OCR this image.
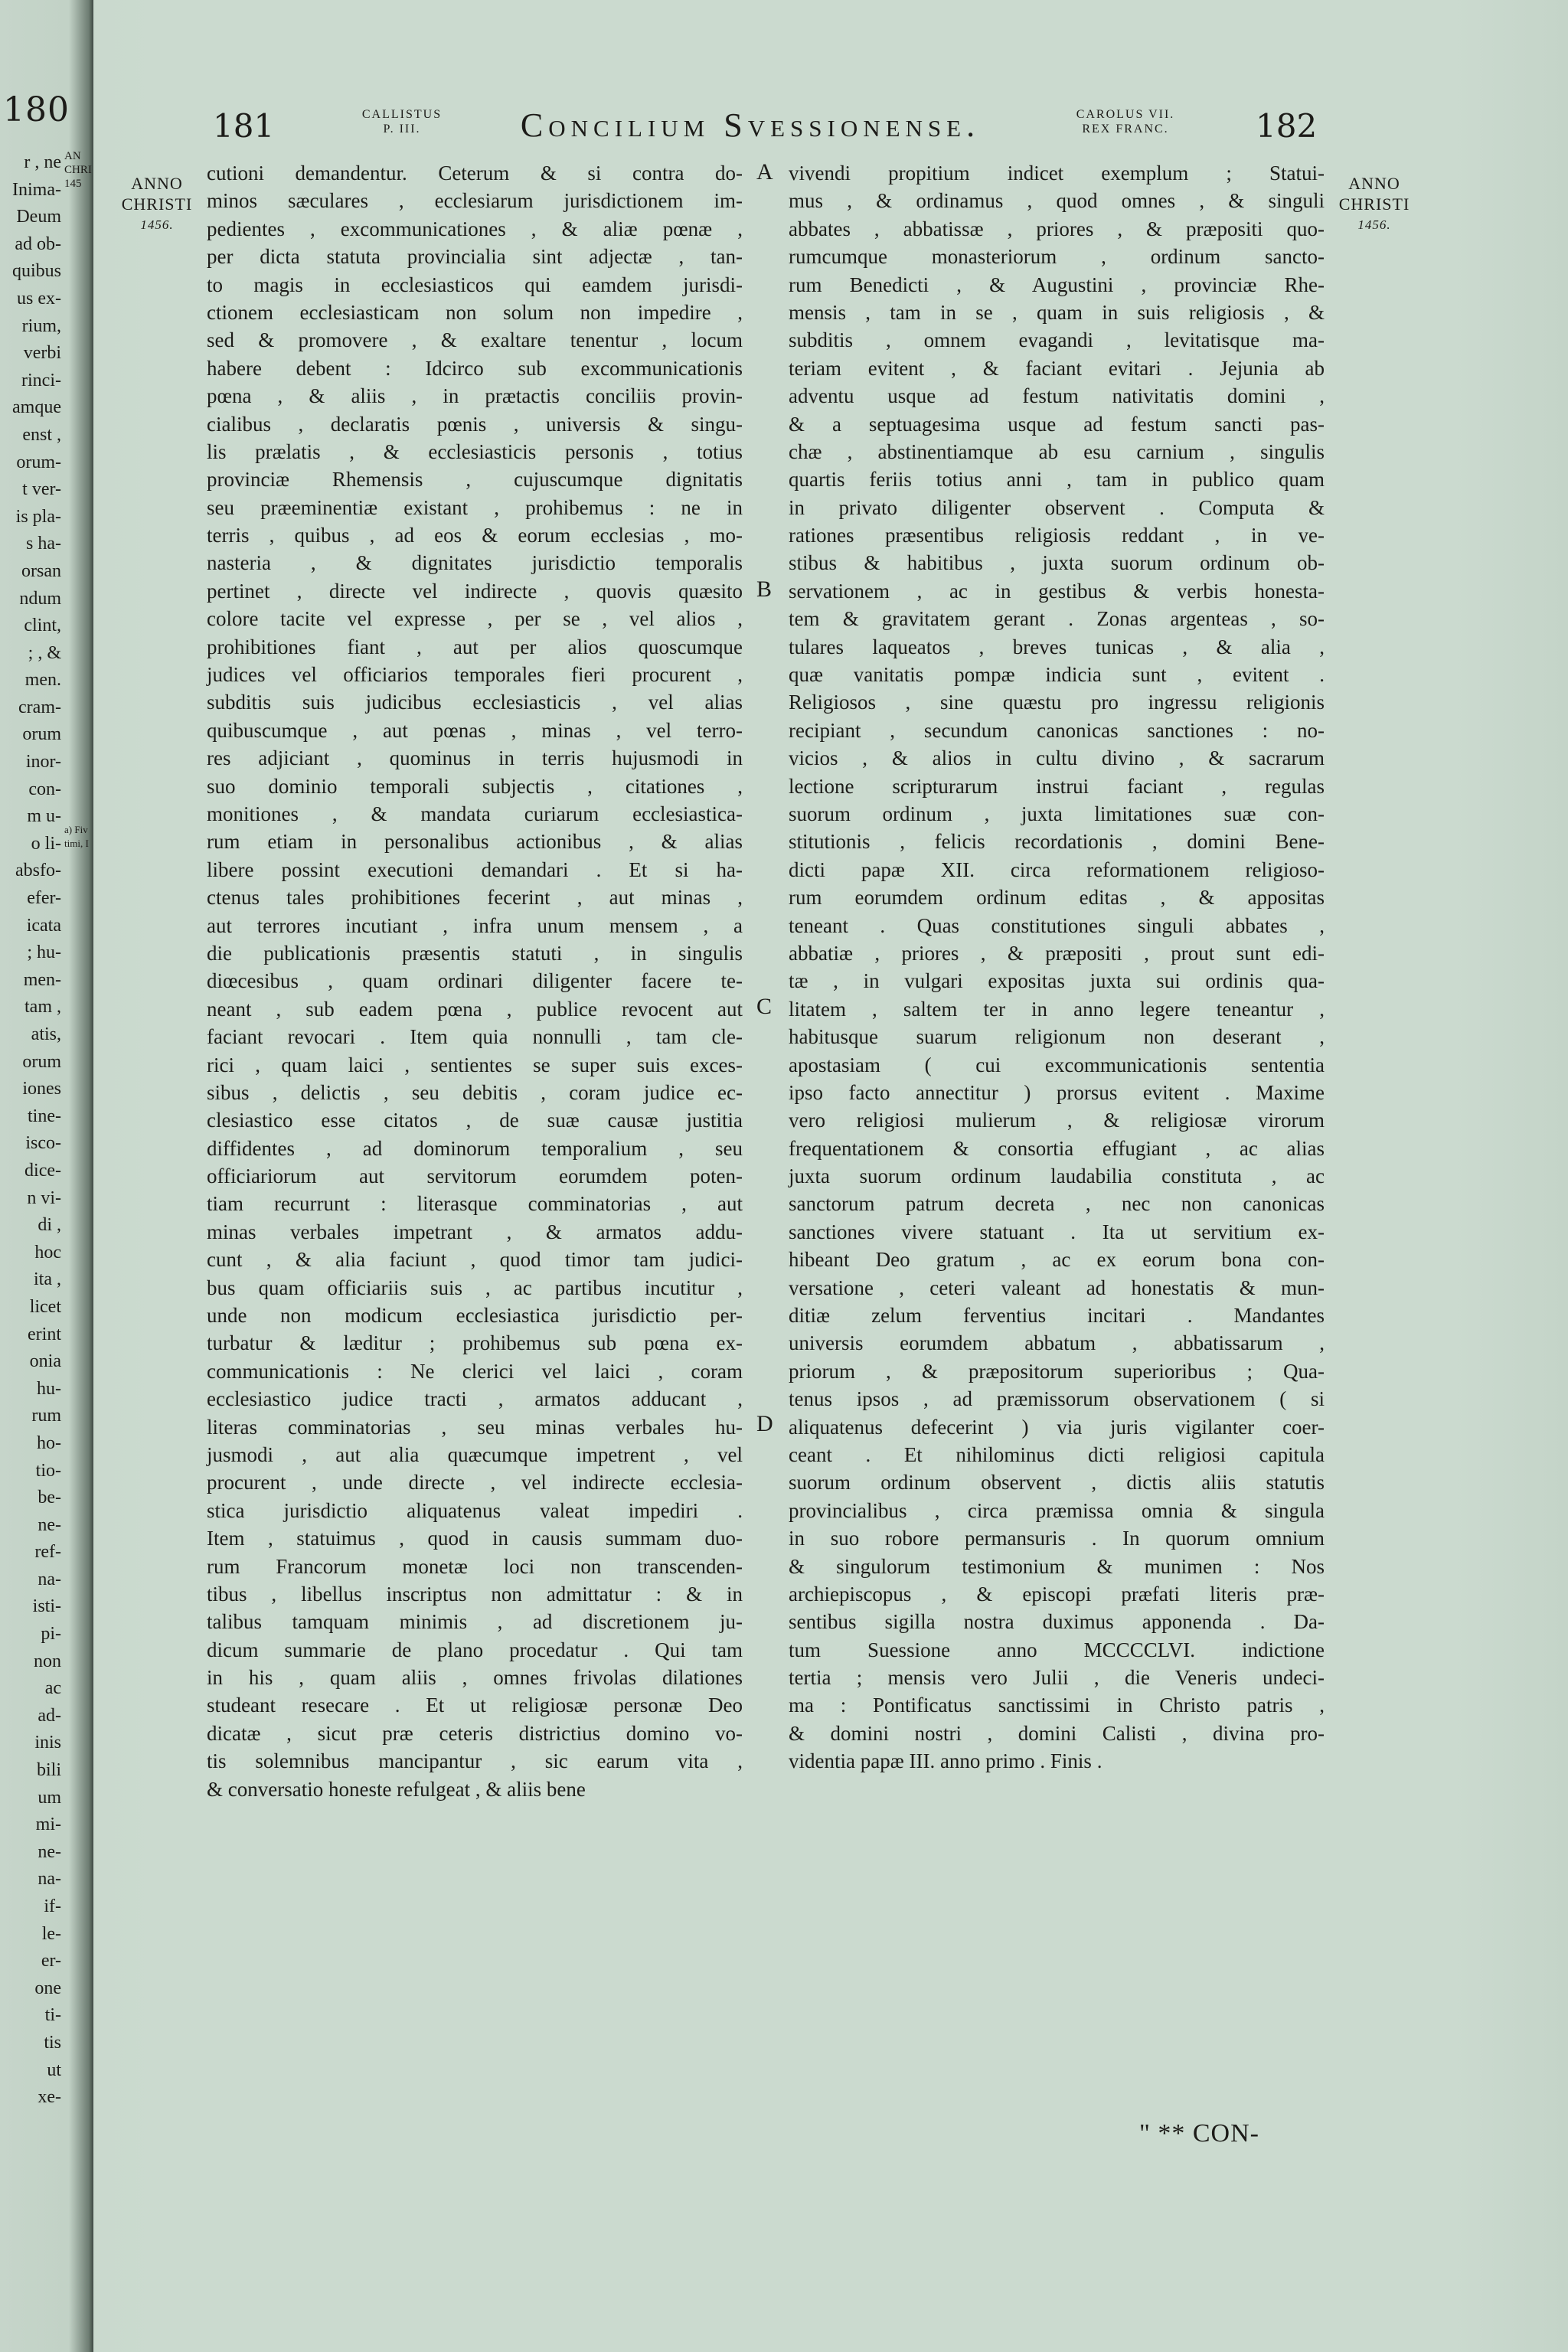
180
r , ne
Inima-
Deum
ad ob-
quibus
us ex-
rium,
verbi
rinci-
amque
enst ,
orum-
t ver-
is pla-
s ha-
orsan
ndum
clint,
; , &
men.
cram-
orum
inor-
con-
m u-
o li-
absfo-
efer-
icata
; hu-
men-
tam ,
atis,
orum
iones
tine-
isco-
dice-
n vi-
di ,
hoc
ita ,
licet
erint
onia
hu-
rum
ho-
tio-
be-
ne-
ref-
na-
isti-
pi-
non
ac
ad-
inis
bili
um
mi-
ne-
na-
if-
le-
er-
one
ti-
tis
ut
xe-
AN
CHRI
145
a) Fiv
timi, I
181	CALLISTUS
P. III.	Concilium Svessionense.	CAROLUS VII.
REX FRANC.	182
ANNO
CHRISTI
1456.
ANNO
CHRISTI
1456.
cutioni demandentur. Ceterum & si contra do-
minos sæculares , ecclesiarum jurisdictionem im-
pedientes , excommunicationes , & aliæ pœnæ ,
per dicta statuta provincialia sint adjectæ , tan-
to magis in ecclesiasticos qui eamdem jurisdi-
ctionem ecclesiasticam non solum non impedire ,
sed & promovere , & exaltare tenentur , locum
habere debent : Idcirco sub excommunicationis
pœna , & aliis , in prætactis conciliis provin-
cialibus , declaratis pœnis , universis & singu-
lis prælatis , & ecclesiasticis personis , totius
provinciæ Rhemensis , cujuscumque dignitatis
seu præeminentiæ existant , prohibemus : ne in
terris , quibus , ad eos & eorum ecclesias , mo-
nasteria , & dignitates jurisdictio temporalis
pertinet , directe vel indirecte , quovis quæsito
colore tacite vel expresse , per se , vel alios ,
prohibitiones fiant , aut per alios quoscumque
judices vel officiarios temporales fieri procurent ,
subditis suis judicibus ecclesiasticis , vel alias
quibuscumque , aut pœnas , minas , vel terro-
res adjiciant , quominus in terris hujusmodi in
suo dominio temporali subjectis , citationes ,
monitiones , & mandata curiarum ecclesiastica-
rum etiam in personalibus actionibus , & alias
libere possint executioni demandari . Et si ha-
ctenus tales prohibitiones fecerint , aut minas ,
aut terrores incutiant , infra unum mensem , a
die publicationis præsentis statuti , in singulis
diœcesibus , quam ordinari diligenter facere te-
neant , sub eadem pœna , publice revocent aut
faciant revocari . Item quia nonnulli , tam cle-
rici , quam laici , sentientes se super suis exces-
sibus , delictis , seu debitis , coram judice ec-
clesiastico esse citatos , de suæ causæ justitia
diffidentes , ad dominorum temporalium , seu
officiariorum aut servitorum eorumdem poten-
tiam recurrunt : literasque comminatorias , aut
minas verbales impetrant , & armatos addu-
cunt , & alia faciunt , quod timor tam judici-
bus quam officiariis suis , ac partibus incutitur ,
unde non modicum ecclesiastica jurisdictio per-
turbatur & læditur ; prohibemus sub pœna ex-
communicationis : Ne clerici vel laici , coram
ecclesiastico judice tracti , armatos adducant ,
literas comminatorias , seu minas verbales hu-
jusmodi , aut alia quæcumque impetrent , vel
procurent , unde directe , vel indirecte ecclesia-
stica jurisdictio aliquatenus valeat impediri .
Item , statuimus , quod in causis summam duo-
rum Francorum monetæ loci non transcenden-
tibus , libellus inscriptus non admittatur : & in
talibus tamquam minimis , ad discretionem ju-
dicum summarie de plano procedatur . Qui tam
in his , quam aliis , omnes frivolas dilationes
studeant resecare . Et ut religiosæ personæ Deo
dicatæ , sicut præ ceteris districtius domino vo-
tis solemnibus mancipantur , sic earum vita ,
& conversatio honeste refulgeat , & aliis bene
vivendi propitium indicet exemplum ; Statui-
mus , & ordinamus , quod omnes , & singuli
abbates , abbatissæ , priores , & præpositi quo-
rumcumque monasteriorum , ordinum sancto-
rum Benedicti , & Augustini , provinciæ Rhe-
mensis , tam in se , quam in suis religiosis , &
subditis , omnem evagandi , levitatisque ma-
teriam evitent , & faciant evitari . Jejunia ab
adventu usque ad festum nativitatis domini ,
& a septuagesima usque ad festum sancti pas-
chæ , abstinentiamque ab esu carnium , singulis
quartis feriis totius anni , tam in publico quam
in privato diligenter observent . Computa &
rationes præsentibus religiosis reddant , in ve-
stibus & habitibus , juxta suorum ordinum ob-
servationem , ac in gestibus & verbis honesta-
tem & gravitatem gerant . Zonas argenteas , so-
tulares laqueatos , breves tunicas , & alia ,
quæ vanitatis pompæ indicia sunt , evitent .
Religiosos , sine quæstu pro ingressu religionis
recipiant , secundum canonicas sanctiones : no-
vicios , & alios in cultu divino , & sacrarum
lectione scripturarum instrui faciant , regulas
suorum ordinum , juxta limitationes suæ con-
stitutionis , felicis recordationis , domini Bene-
dicti papæ XII. circa reformationem religioso-
rum eorumdem ordinum editas , & appositas
teneant . Quas constitutiones singuli abbates ,
abbatiæ , priores , & præpositi , prout sunt edi-
tæ , in vulgari expositas juxta sui ordinis qua-
litatem , saltem ter in anno legere teneantur ,
habitusque suarum religionum non deserant ,
apostasiam ( cui excommunicationis sententia
ipso facto annectitur ) prorsus evitent . Maxime
vero religiosi mulierum , & religiosæ virorum
frequentationem & consortia effugiant , ac alias
juxta suorum ordinum laudabilia constituta , ac
sanctorum patrum decreta , nec non canonicas
sanctiones vivere statuant . Ita ut servitium ex-
hibeant Deo gratum , ac ex eorum bona con-
versatione , ceteri valeant ad honestatis & mun-
ditiæ zelum ferventius incitari . Mandantes
universis eorumdem abbatum , abbatissarum ,
priorum , & præpositorum superioribus ; Qua-
tenus ipsos , ad præmissorum observationem ( si
aliquatenus defecerint ) via juris vigilanter coer-
ceant . Et nihilominus dicti religiosi capitula
suorum ordinum observent , dictis aliis statutis
provincialibus , circa præmissa omnia & singula
in suo robore permansuris . In quorum omnium
& singulorum testimonium & munimen : Nos
archiepiscopus , & episcopi præfati literis præ-
sentibus sigilla nostra duximus apponenda . Da-
tum Suessione anno MCCCCLVI. indictione
tertia ; mensis vero Julii , die Veneris undeci-
ma : Pontificatus sanctissimi in Christo patris ,
& domini nostri , domini Calisti , divina pro-
videntia papæ III. anno primo . Finis .
A
B
C
D
" ** CON-
